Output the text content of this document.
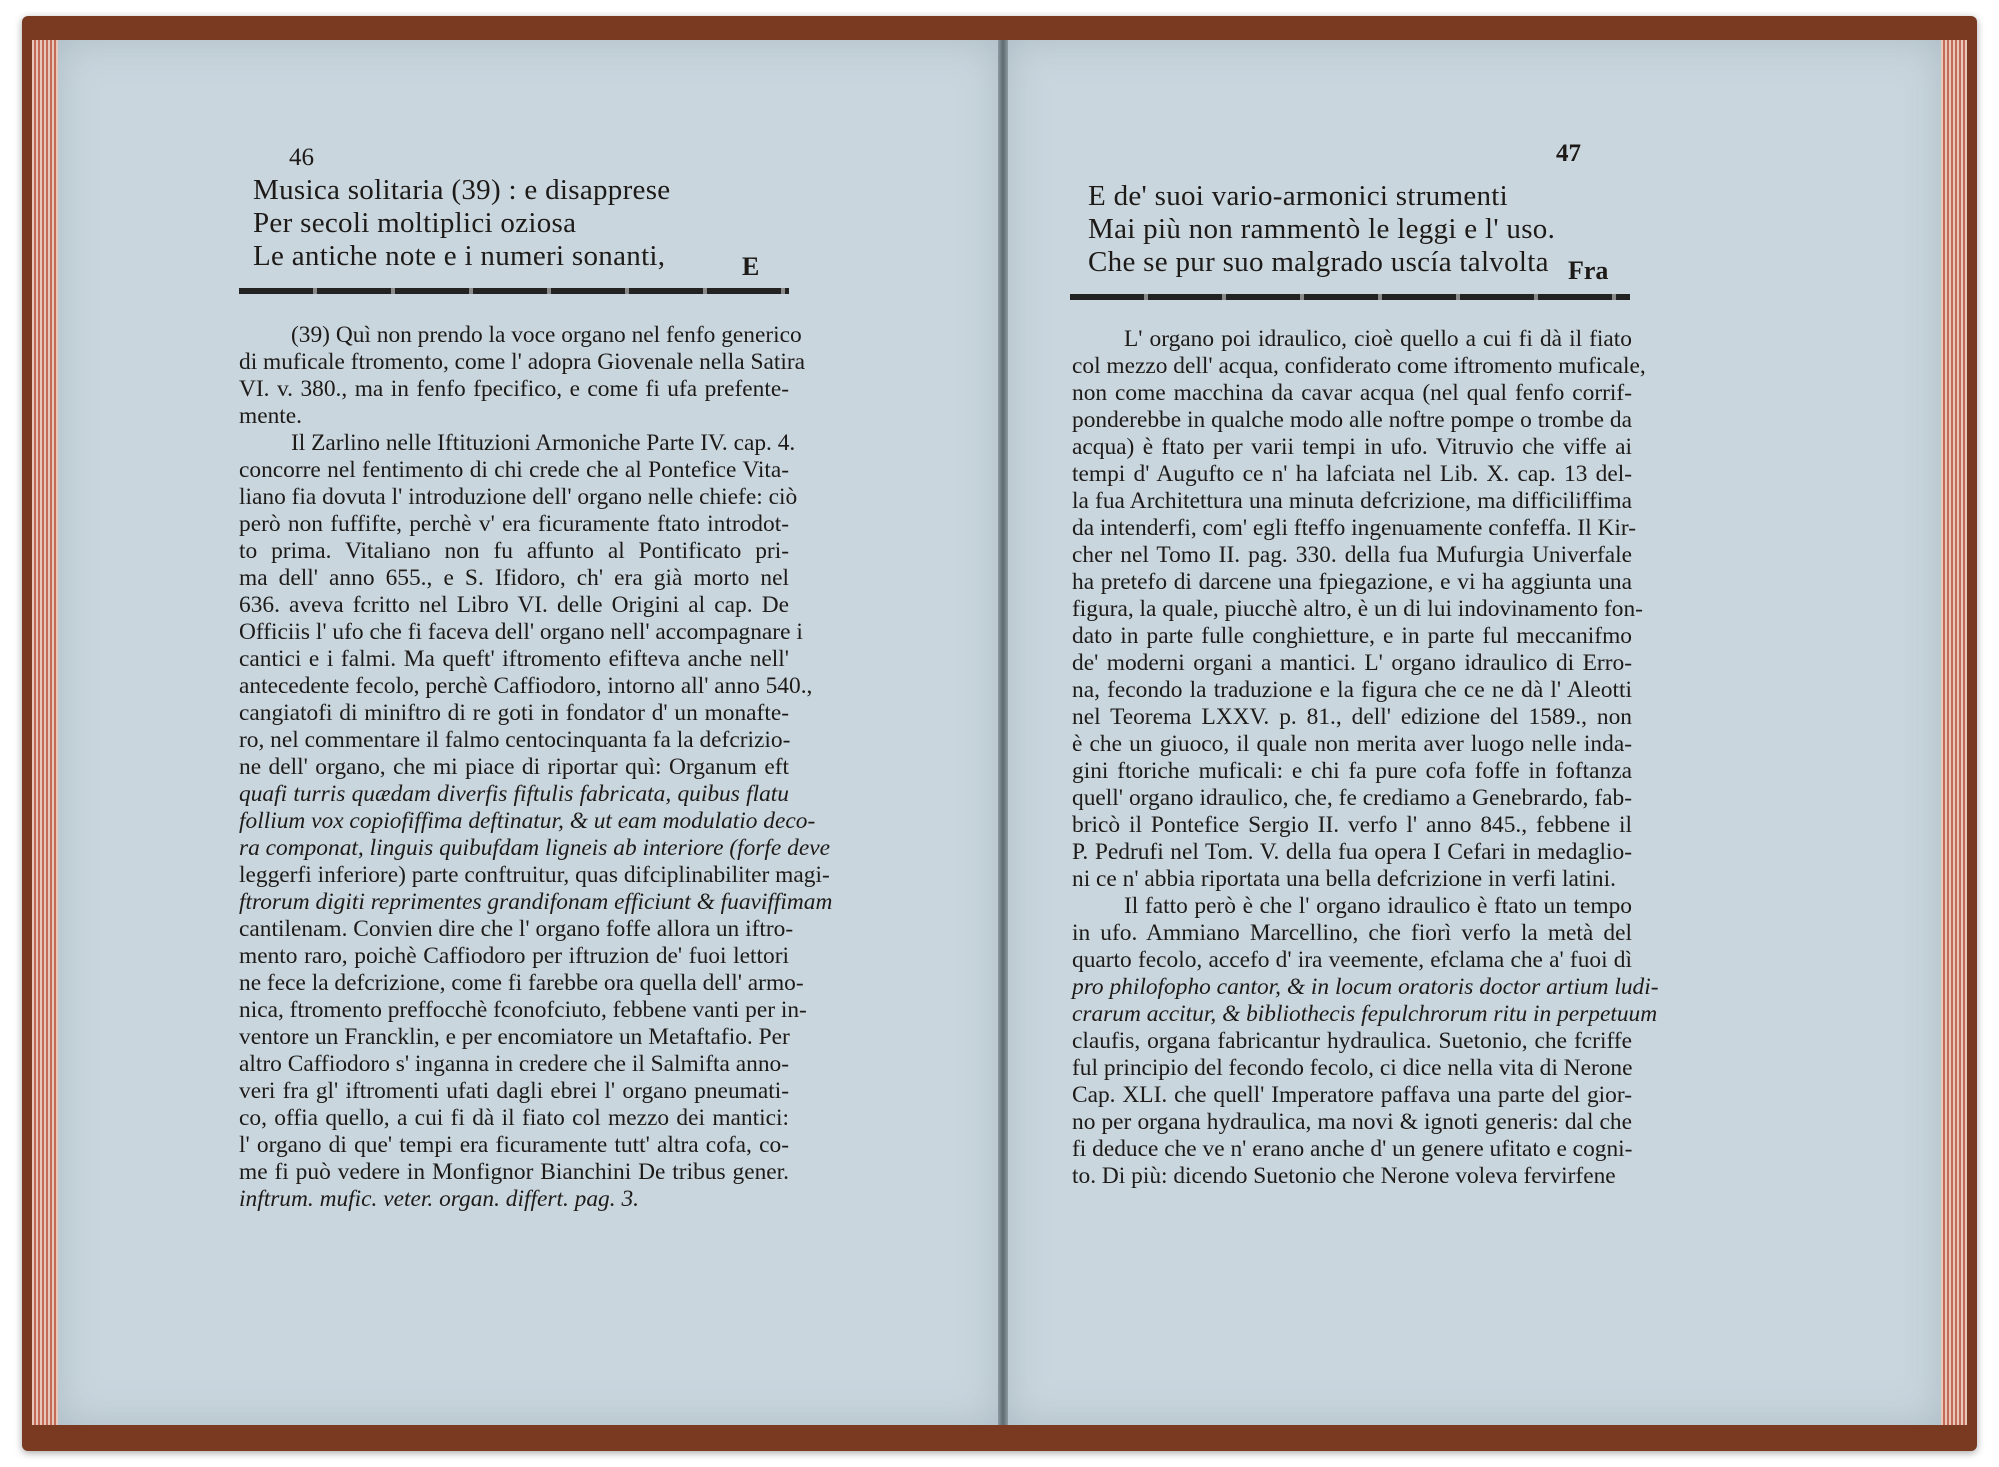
46
Musica solitaria (39) : e disapprese
Per secoli moltiplici oziosa
Le antiche note e i numeri sonanti,	E

(39) Quì non prendo la voce organo nel fenfo generico

di muficale ftromento, come l' adopra Giovenale nella Satira

VI. v. 380., ma in fenfo fpecifico, e come fi ufa prefente-

mente.

Il Zarlino nelle Iftituzioni Armoniche Parte IV. cap. 4.

concorre nel fentimento di chi crede che al Pontefice Vita-

liano fia dovuta l' introduzione dell' organo nelle chiefe: ciò

però non fuffifte, perchè v' era ficuramente ftato introdot-

to prima. Vitaliano non fu affunto al Pontificato pri-

ma dell' anno 655., e S. Ifidoro, ch' era già morto nel

636. aveva fcritto nel Libro VI. delle Origini al cap. De

Officiis l' ufo che fi faceva dell' organo nell' accompagnare i

cantici e i falmi. Ma queft' iftromento efifteva anche nell'

antecedente fecolo, perchè Caffiodoro, intorno all' anno 540.,

cangiatofi di miniftro di re goti in fondator d' un monafte-

ro, nel commentare il falmo centocinquanta fa la defcrizio-

ne dell' organo, che mi piace di riportar quì: Organum eft

quafi turris quædam diverfis fiftulis fabricata, quibus flatu

follium vox copiofiffima deftinatur, & ut eam modulatio deco-

ra componat, linguis quibufdam ligneis ab interiore (forfe deve

leggerfi inferiore) parte conftruitur, quas difciplinabiliter magi-

ftrorum digiti reprimentes grandifonam efficiunt & fuaviffimam

cantilenam. Convien dire che l' organo foffe allora un iftro-

mento raro, poichè Caffiodoro per iftruzion de' fuoi lettori

ne fece la defcrizione, come fi farebbe ora quella dell' armo-

nica, ftromento preffocchè fconofciuto, febbene vanti per in-

ventore un Francklin, e per encomiatore un Metaftafio. Per

altro Caffiodoro s' inganna in credere che il Salmifta anno-

veri fra gl' iftromenti ufati dagli ebrei l' organo pneumati-

co, offia quello, a cui fi dà il fiato col mezzo dei mantici:

l' organo di que' tempi era ficuramente tutt' altra cofa, co-

me fi può vedere in Monfignor Bianchini De tribus gener.

inftrum. mufic. veter. organ. differt. pag. 3.

47
E de' suoi vario-armonici strumenti
Mai più non rammentò le leggi e l' uso.
Che se pur suo malgrado uscía talvolta Fra

L' organo poi idraulico, cioè quello a cui fi dà il fiato

col mezzo dell' acqua, confiderato come iftromento muficale,

non come macchina da cavar acqua (nel qual fenfo corrif-

ponderebbe in qualche modo alle noftre pompe o trombe da

acqua) è ftato per varii tempi in ufo. Vitruvio che viffe ai

tempi d' Augufto ce n' ha lafciata nel Lib. X. cap. 13 del-

la fua Architettura una minuta defcrizione, ma difficiliffima

da intenderfi, com' egli fteffo ingenuamente confeffa. Il Kir-

cher nel Tomo II. pag. 330. della fua Mufurgia Univerfale

ha pretefo di darcene una fpiegazione, e vi ha aggiunta una

figura, la quale, piucchè altro, è un di lui indovinamento fon-

dato in parte fulle conghietture, e in parte ful meccanifmo

de' moderni organi a mantici. L' organo idraulico di Erro-

na, fecondo la traduzione e la figura che ce ne dà l' Aleotti

nel Teorema LXXV. p. 81., dell' edizione del 1589., non

è che un giuoco, il quale non merita aver luogo nelle inda-

gini ftoriche muficali: e chi fa pure cofa foffe in foftanza

quell' organo idraulico, che, fe crediamo a Genebrardo, fab-

bricò il Pontefice Sergio II. verfo l' anno 845., febbene il

P. Pedrufi nel Tom. V. della fua opera I Cefari in medaglio-

ni ce n' abbia riportata una bella defcrizione in verfi latini.

Il fatto però è che l' organo idraulico è ftato un tempo

in ufo. Ammiano Marcellino, che fiorì verfo la metà del

quarto fecolo, accefo d' ira veemente, efclama che a' fuoi dì

pro philofopho cantor, & in locum oratoris doctor artium ludi-

crarum accitur, & bibliothecis fepulchrorum ritu in perpetuum

claufis, organa fabricantur hydraulica. Suetonio, che fcriffe

ful principio del fecondo fecolo, ci dice nella vita di Nerone

Cap. XLI. che quell' Imperatore paffava una parte del gior-

no per organa hydraulica, ma novi & ignoti generis: dal che

fi deduce che ve n' erano anche d' un genere ufitato e cogni-

to. Di più: dicendo Suetonio che Nerone voleva fervirfene
